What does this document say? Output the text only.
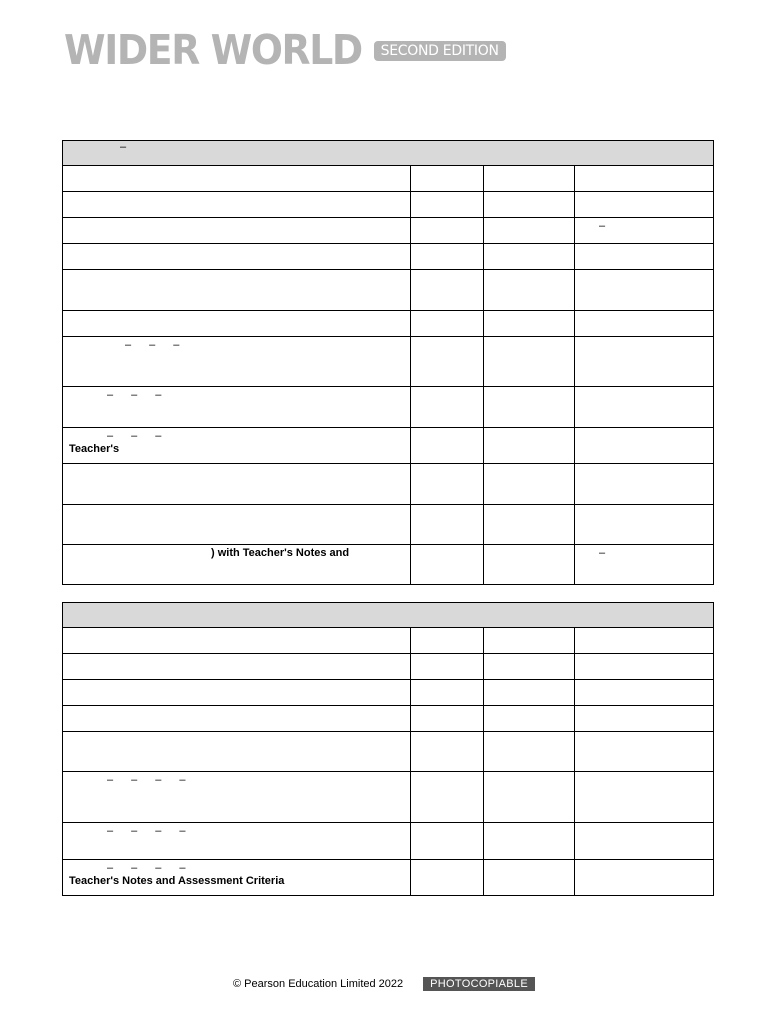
WIDER WORLD	SECOND EDITION
–			

			–

– – –			
– – –			

– – –
Teacher's			

) with Teacher's Notes and			–

– – – –			
– – – –			

– – – –
Teacher's Notes and Assessment Criteria			

© Pearson Education Limited 2022	PHOTOCOPIABLE
